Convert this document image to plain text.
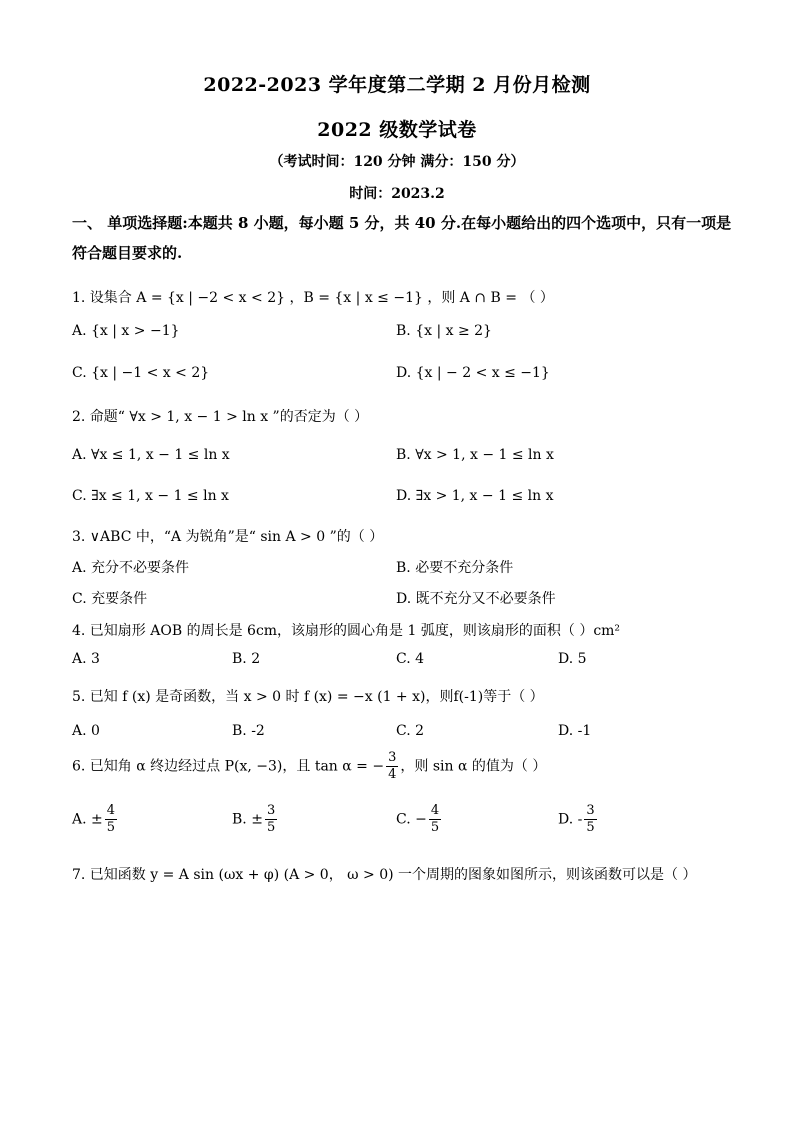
2022-2023 学年度第二学期 2 月份月检测
2022 级数学试卷
（考试时间：120 分钟 满分：150 分）
时间：2023.2
一、 单项选择题:本题共 8 小题，每小题 5 分，共 40 分.在每小题给出的四个选项中，只有一项是符合题目要求的.
1. 设集合 A = {x | −2 < x < 2} ，B = {x | x ≤ −1} ，则 A ∩ B = （ ）
A. {x | x > −1}	B. {x | x ≥ 2}
C. {x | −1 < x < 2}	D. {x | − 2 < x ≤ −1}
2. 命题“ ∀x > 1, x − 1 > ln x ”的否定为（ ）
A. ∀x ≤ 1, x − 1 ≤ ln x	B. ∀x > 1, x − 1 ≤ ln x
C. ∃x ≤ 1, x − 1 ≤ ln x	D. ∃x > 1, x − 1 ≤ ln x
3. ∨ABC 中，“A 为锐角”是“ sin A > 0 ”的（ ）
A. 充分不必要条件	B. 必要不充分条件
C. 充要条件	D. 既不充分又不必要条件
4. 已知扇形 AOB 的周长是 6cm，该扇形的圆心角是 1 弧度，则该扇形的面积（ ）cm²
A. 3	B. 2	C. 4	D. 5
5. 已知 f (x) 是奇函数，当 x > 0 时 f (x) = −x (1 + x)，则f(-1)等于（ ）
A. 0	B. -2	C. 2	D. -1
6. 已知角 α 终边经过点 P(x, −3)，且 tan α = − $\frac{3}{4}$ ，则 sin α 的值为（ ）
A. ± $\frac{4}{5}$	B. ± $\frac{3}{5}$	C. − $\frac{4}{5}$	D. - $\frac{3}{5}$
7. 已知函数 y = A sin (ωx + φ) (A > 0， ω > 0) 一个周期的图象如图所示，则该函数可以是（ ）
